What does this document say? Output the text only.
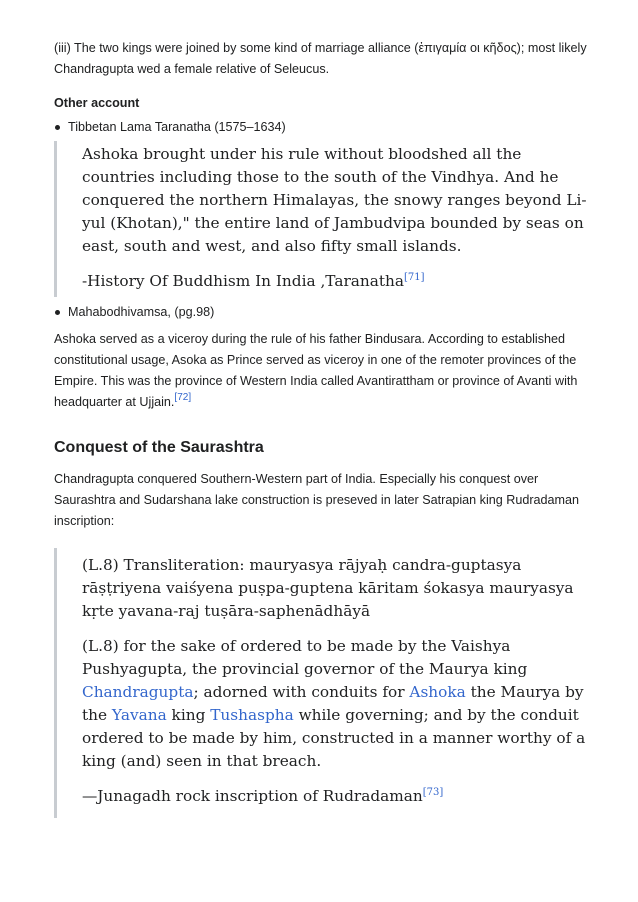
(iii) The two kings were joined by some kind of marriage alliance (ἐπιγαμία οι κῆδος); most likely Chandragupta wed a female relative of Seleucus.

Other account
Tibbetan Lama Taranatha (1575–1634)

Ashoka brought under his rule without bloodshed all the countries including those to the south of the Vindhya. And he conquered the northern Himalayas, the snowy ranges beyond Li-yul (Khotan)," the entire land of Jambudvipa bounded by seas on east, south and west, and also fifty small islands.

-History Of Buddhism In India ,Taranatha[71]

Mahabodhivamsa, (pg.98)

Ashoka served as a viceroy during the rule of his father Bindusara. According to established constitutional usage, Asoka as Prince served as viceroy in one of the remoter provinces of the Empire. This was the province of Western India called Avantirattham or province of Avanti with headquarter at Ujjain.[72]

Conquest of the Saurashtra

Chandragupta conquered Southern-Western part of India. Especially his conquest over Saurashtra and Sudarshana lake construction is preseved in later Satrapian king Rudradaman inscription:

(L.8) Transliteration: mauryasya rājyaḥ candra-guptasya rāṣṭriyena vaiśyena puṣpa-guptena kāritam śokasya mauryasya kṛte yavana-raj tuṣāra-saphenādhāyā

(L.8) for the sake of ordered to be made by the Vaishya Pushyagupta, the provincial governor of the Maurya king Chandragupta; adorned with conduits for Ashoka the Maurya by the Yavana king Tushaspha while governing; and by the conduit ordered to be made by him, constructed in a manner worthy of a king (and) seen in that breach.

—Junagadh rock inscription of Rudradaman[73]
